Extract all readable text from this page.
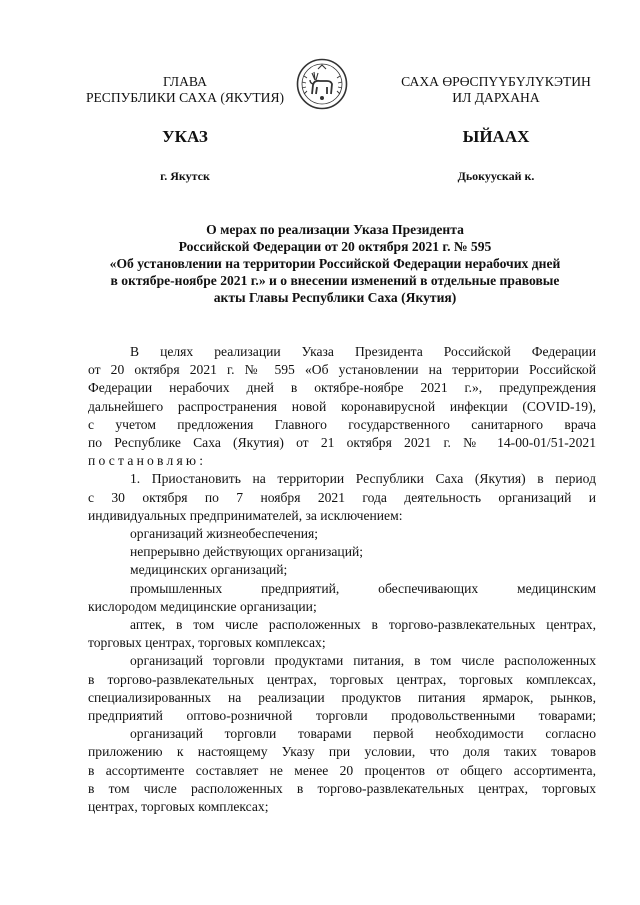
ГЛАВА
РЕСПУБЛИКИ САХА (ЯКУТИЯ)
САХА ӨРӨСПҮҮБҮЛҮКЭТИН
ИЛ ДАРХАНА
УКАЗ	ЫЙААХ
г. Якутск	Дьокуускай к.
О мерах по реализации Указа Президента
Российской Федерации от 20 октября 2021 г. № 595
«Об установлении на территории Российской Федерации нерабочих дней
в октябре-ноябре 2021 г.» и о внесении изменений в отдельные правовые
акты Главы Республики Саха (Якутия)
В целях реализации Указа Президента Российской Федерации
от 20 октября 2021 г. № 595 «Об установлении на территории Российской
Федерации нерабочих дней в октябре-ноябре 2021 г.», предупреждения
дальнейшего распространения новой коронавирусной инфекции (COVID-19),
с учетом предложения Главного государственного санитарного врача
по Республике Саха (Якутия) от 21 октября 2021 г. № 14-00-01/51-2021
постановляю:
1. Приостановить на территории Республики Саха (Якутия) в период
с 30 октября по 7 ноября 2021 года деятельность организаций и
индивидуальных предпринимателей, за исключением:
организаций жизнеобеспечения;
непрерывно действующих организаций;
медицинских организаций;
промышленных предприятий, обеспечивающих медицинским
кислородом медицинские организации;
аптек, в том числе расположенных в торгово-развлекательных центрах,
торговых центрах, торговых комплексах;
организаций торговли продуктами питания, в том числе расположенных
в торгово-развлекательных центрах, торговых центрах, торговых комплексах,
специализированных на реализации продуктов питания ярмарок, рынков,
предприятий оптово-розничной торговли продовольственными товарами;
организаций торговли товарами первой необходимости согласно
приложению к настоящему Указу при условии, что доля таких товаров
в ассортименте составляет не менее 20 процентов от общего ассортимента,
в том числе расположенных в торгово-развлекательных центрах, торговых
центрах, торговых комплексах;
